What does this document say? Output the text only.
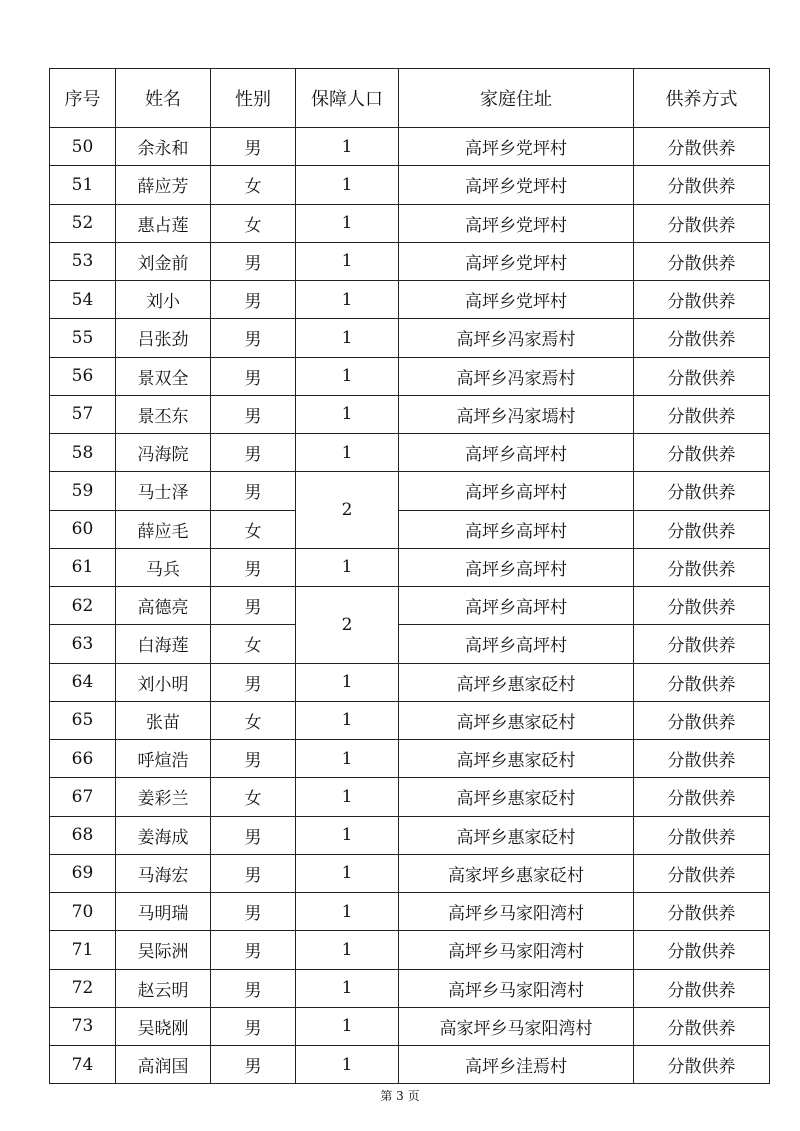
序号	姓名	性别	保障人口	家庭住址	供养方式
50	余永和	男	1	高坪乡党坪村	分散供养
51	薛应芳	女	1	高坪乡党坪村	分散供养
52	惠占莲	女	1	高坪乡党坪村	分散供养
53	刘金前	男	1	高坪乡党坪村	分散供养
54	刘小	男	1	高坪乡党坪村	分散供养
55	吕张劲	男	1	高坪乡冯家焉村	分散供养
56	景双全	男	1	高坪乡冯家焉村	分散供养
57	景丕东	男	1	高坪乡冯家墕村	分散供养
58	冯海院	男	1	高坪乡高坪村	分散供养
59	马士泽	男	2	高坪乡高坪村	分散供养
60	薛应毛	女		高坪乡高坪村	分散供养
61	马兵	男	1	高坪乡高坪村	分散供养
62	高德亮	男	2	高坪乡高坪村	分散供养
63	白海莲	女		高坪乡高坪村	分散供养
64	刘小明	男	1	高坪乡惠家砭村	分散供养
65	张苗	女	1	高坪乡惠家砭村	分散供养
66	呼煊浩	男	1	高坪乡惠家砭村	分散供养
67	姜彩兰	女	1	高坪乡惠家砭村	分散供养
68	姜海成	男	1	高坪乡惠家砭村	分散供养
69	马海宏	男	1	高家坪乡惠家砭村	分散供养
70	马明瑞	男	1	高坪乡马家阳湾村	分散供养
71	吴际洲	男	1	高坪乡马家阳湾村	分散供养
72	赵云明	男	1	高坪乡马家阳湾村	分散供养
73	吴晓刚	男	1	高家坪乡马家阳湾村	分散供养
74	高润国	男	1	高坪乡洼焉村	分散供养
第 3 页
